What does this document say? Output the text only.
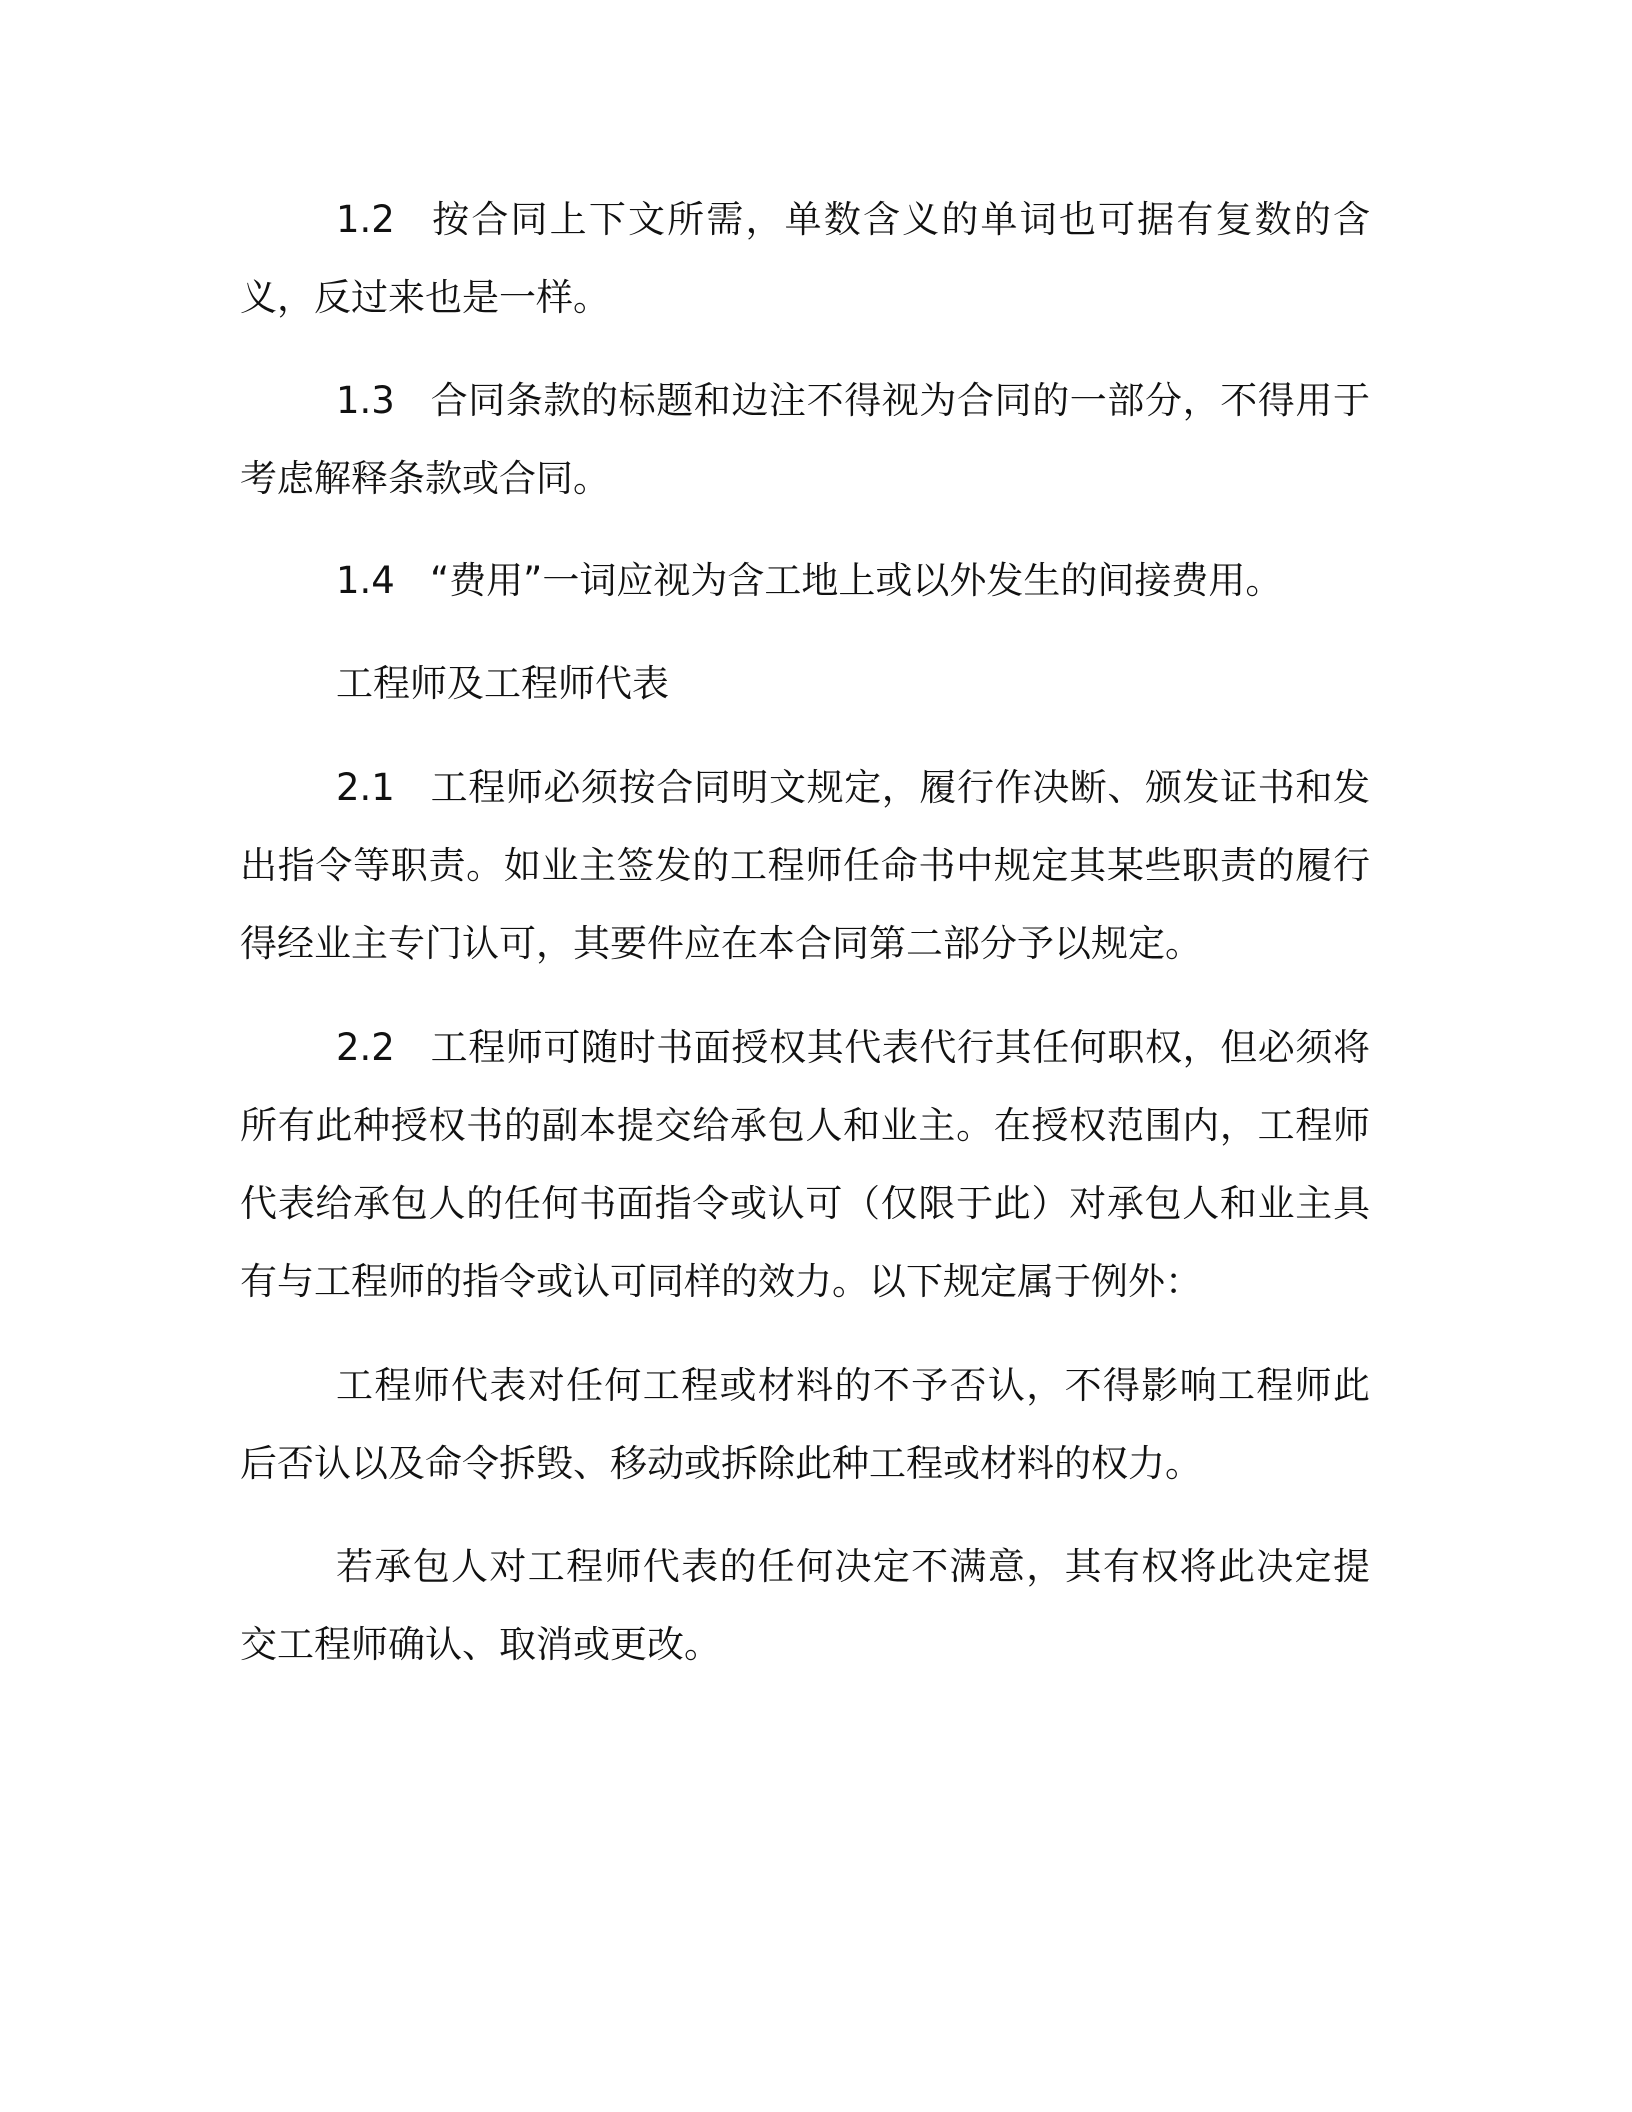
1.2 按合同上下文所需，单数含义的单词也可据有复数的含义，反过来也是一样。

1.3 合同条款的标题和边注不得视为合同的一部分，不得用于考虑解释条款或合同。

1.4 “费用”一词应视为含工地上或以外发生的间接费用。

工程师及工程师代表

2.1 工程师必须按合同明文规定，履行作决断、颁发证书和发出指令等职责。如业主签发的工程师任命书中规定其某些职责的履行得经业主专门认可，其要件应在本合同第二部分予以规定。

2.2 工程师可随时书面授权其代表代行其任何职权，但必须将所有此种授权书的副本提交给承包人和业主。在授权范围内，工程师代表给承包人的任何书面指令或认可（仅限于此）对承包人和业主具有与工程师的指令或认可同样的效力。以下规定属于例外：

工程师代表对任何工程或材料的不予否认，不得影响工程师此后否认以及命令拆毁、移动或拆除此种工程或材料的权力。

若承包人对工程师代表的任何决定不满意，其有权将此决定提交工程师确认、取消或更改。
